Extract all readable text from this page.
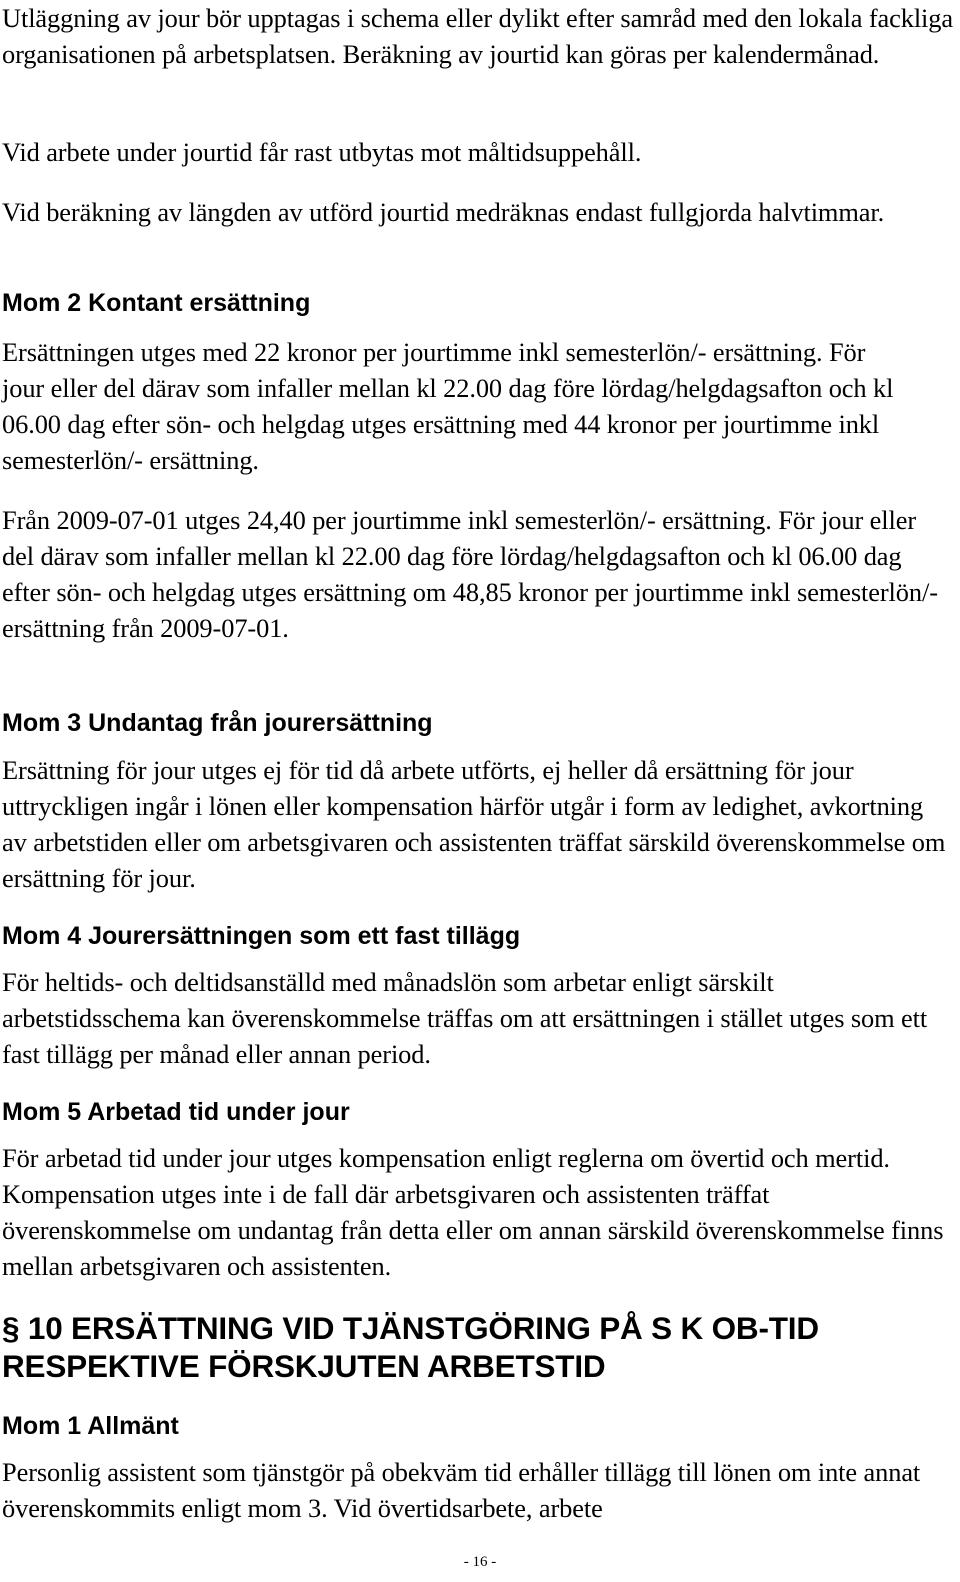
Utläggning av jour bör upptagas i schema eller dylikt efter samråd med den lokala fackliga organisationen på arbetsplatsen. Beräkning av jourtid kan göras per kalendermånad.

Vid arbete under jourtid får rast utbytas mot måltidsuppehåll.

Vid beräkning av längden av utförd jourtid medräknas endast fullgjorda halvtimmar.

Mom 2 Kontant ersättning

Ersättningen utges med 22 kronor per jourtimme inkl semesterlön/- ersättning. För jour eller del därav som infaller mellan kl 22.00 dag före lördag/helgdagsafton och kl 06.00 dag efter sön- och helgdag utges ersättning med 44 kronor per jourtimme inkl semesterlön/- ersättning.

Från 2009-07-01 utges 24,40 per jourtimme inkl semesterlön/- ersättning. För jour eller del därav som infaller mellan kl 22.00 dag före lördag/helgdagsafton och kl 06.00 dag efter sön- och helgdag utges ersättning om 48,85 kronor per jourtimme inkl semesterlön/- ersättning från 2009-07-01.

Mom 3 Undantag från jourersättning

Ersättning för jour utges ej för tid då arbete utförts, ej heller då ersättning för jour uttryckligen ingår i lönen eller kompensation härför utgår i form av ledighet, avkortning av arbetstiden eller om arbetsgivaren och assistenten träffat särskild överenskommelse om ersättning för jour.

Mom 4 Jourersättningen som ett fast tillägg

För heltids- och deltidsanställd med månadslön som arbetar enligt särskilt arbetstidsschema kan överenskommelse träffas om att ersättningen i stället utges som ett fast tillägg per månad eller annan period.

Mom 5 Arbetad tid under jour

För arbetad tid under jour utges kompensation enligt reglerna om övertid och mertid. Kompensation utges inte i de fall där arbetsgivaren och assistenten träffat överenskommelse om undantag från detta eller om annan särskild överenskommelse finns mellan arbetsgivaren och assistenten.

§ 10 ERSÄTTNING VID TJÄNSTGÖRING PÅ S K OB-TID RESPEKTIVE FÖRSKJUTEN ARBETSTID
Mom 1 Allmänt

Personlig assistent som tjänstgör på obekväm tid erhåller tillägg till lönen om inte annat överenskommits enligt mom 3. Vid övertidsarbete, arbete

- 16 -
